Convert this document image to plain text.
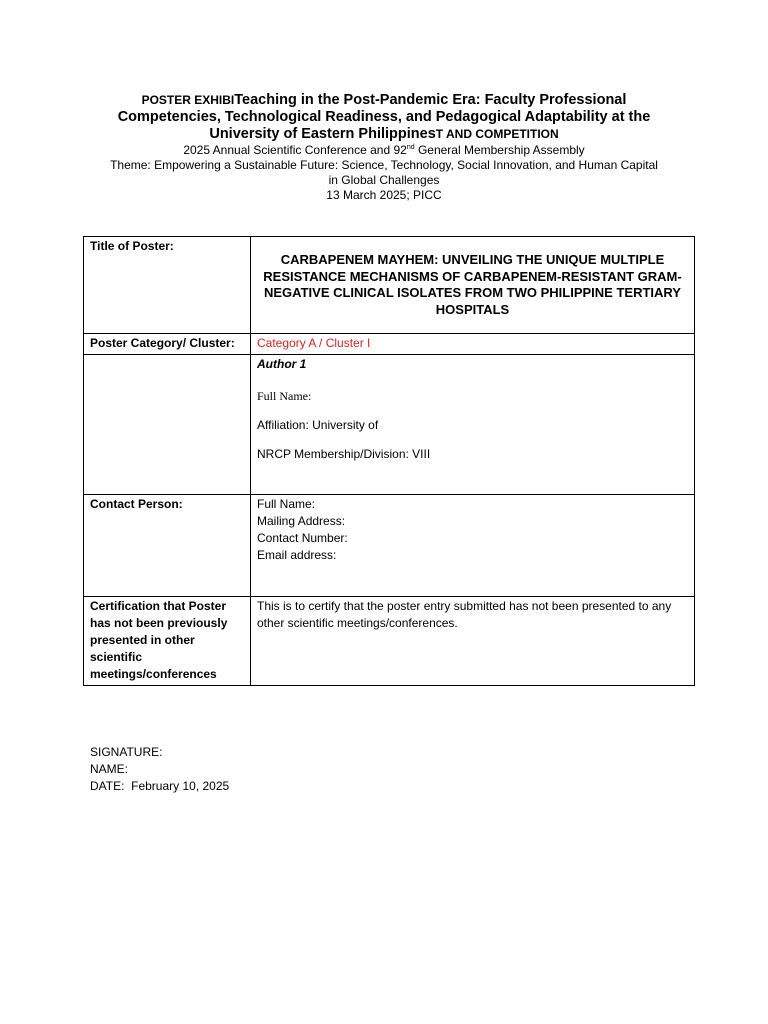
POSTER EXHIBITeaching in the Post-Pandemic Era: Faculty Professional
Competencies, Technological Readiness, and Pedagogical Adaptability at the
University of Eastern PhilippinesT AND COMPETITION
2025 Annual Scientific Conference and 92nd General Membership Assembly
Theme: Empowering a Sustainable Future: Science, Technology, Social Innovation, and Human Capital
in Global Challenges
13 March 2025; PICC
Title of Poster:	CARBAPENEM MAYHEM: UNVEILING THE UNIQUE MULTIPLE RESISTANCE MECHANISMS OF CARBAPENEM-RESISTANT GRAM-NEGATIVE CLINICAL ISOLATES FROM TWO PHILIPPINE TERTIARY HOSPITALS

Poster Category/ Cluster:	Category A / Cluster I

	Author 1
Full Name:
Affiliation: University of
NRCP Membership/Division: VIII

Contact Person:	Full Name:
Mailing Address:
Contact Number:
Email address:

Certification that Poster has not been previously presented in other scientific meetings/conferences	This is to certify that the poster entry submitted has not been presented to any other scientific meetings/conferences.
SIGNATURE:
NAME:
DATE: February 10, 2025
